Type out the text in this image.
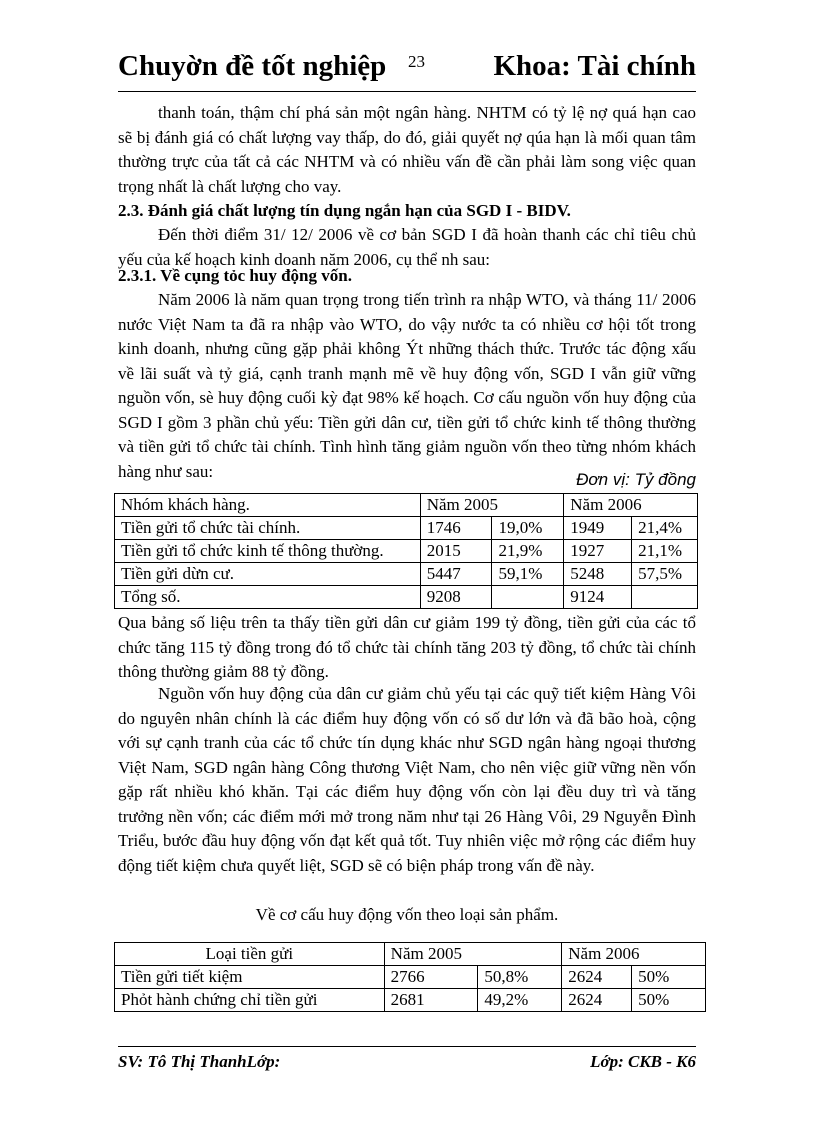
Chuyờn đề tốt nghiệp 23 Khoa: Tài chính

thanh toán, thậm chí phá sản một ngân hàng. NHTM có tỷ lệ nợ quá hạn cao sẽ bị đánh giá có chất lượng vay thấp, do đó, giải quyết nợ qúa hạn là mối quan tâm thường trực của tất cả các NHTM và có nhiều vấn đề cần phải làm song việc quan trọng nhất là chất lượng cho vay.

2.3. Đánh giá chất lượng tín dụng ngắn hạn của SGD I - BIDV.

Đến thời điểm 31/ 12/ 2006 về cơ bản SGD I đã hoàn thanh các chỉ tiêu chủ yếu của kế hoạch kinh doanh năm 2006, cụ thể nh sau:

2.3.1. Về cụng tỏc huy động vốn.

Năm 2006 là năm quan trọng trong tiến trình ra nhập WTO, và tháng 11/ 2006 nước Việt Nam ta đã ra nhập vào WTO, do vậy nước ta có nhiều cơ hội tốt trong kinh doanh, nhưng cũng gặp phải không Ýt những thách thức. Trước tác động xấu về lãi suất và tỷ giá, cạnh tranh mạnh mẽ về huy động vốn, SGD I vẫn giữ vững nguồn vốn, sè huy động cuối kỳ đạt 98% kế hoạch. Cơ cấu nguồn vốn huy động của SGD I gồm 3 phần chủ yếu: Tiền gửi dân cư, tiền gửi tổ chức kinh tế thông thường và tiền gửi tổ chức tài chính. Tình hình tăng giảm nguồn vốn theo từng nhóm khách hàng như sau:	Đơn vị: Tỷ đồng
Nhóm khách hàng.	Năm 2005		Năm 2006	
Tiền gửi tổ chức tài chính.	1746	19,0%	1949	21,4%
Tiền gửi tổ chức kinh tế thông thường.	2015	21,9%	1927	21,1%
Tiền gửi dừn cư.	5447	59,1%	5248	57,5%
Tổng số.	9208		9124	

Qua bảng số liệu trên ta thấy tiền gửi dân cư giảm 199 tỷ đồng, tiền gửi của các tổ chức tăng 115 tỷ đồng trong đó tổ chức tài chính tăng 203 tỷ đồng, tổ chức tài chính thông thường giảm 88 tỷ đồng.

Nguồn vốn huy động của dân cư giảm chủ yếu tại các quỹ tiết kiệm Hàng Vôi do nguyên nhân chính là các điểm huy động vốn có số dư lớn và đã bão hoà, cộng với sự cạnh tranh của các tổ chức tín dụng khác như SGD ngân hàng ngoại thương Việt Nam, SGD ngân hàng Công thương Việt Nam, cho nên việc giữ vững nền vốn gặp rất nhiều khó khăn. Tại các điểm huy động vốn còn lại đều duy trì và tăng trưởng nền vốn; các điểm mới mở trong năm như tại 26 Hàng Vôi, 29 Nguyễn Đình Triểu, bước đầu huy động vốn đạt kết quả tốt. Tuy nhiên việc mở rộng các điểm huy động tiết kiệm chưa quyết liệt, SGD sẽ có biện pháp trong vấn đề này.

Về cơ cấu huy động vốn theo loại sản phẩm.
Loại tiền gửi	Năm 2005		Năm 2006	
Tiền gửi tiết kiệm	2766	50,8%	2624	50%
Phỏt hành chứng chỉ tiền gửi	2681	49,2%	2624	50%
SV: Tô Thị ThanhLớp:	Lớp: CKB - K6
